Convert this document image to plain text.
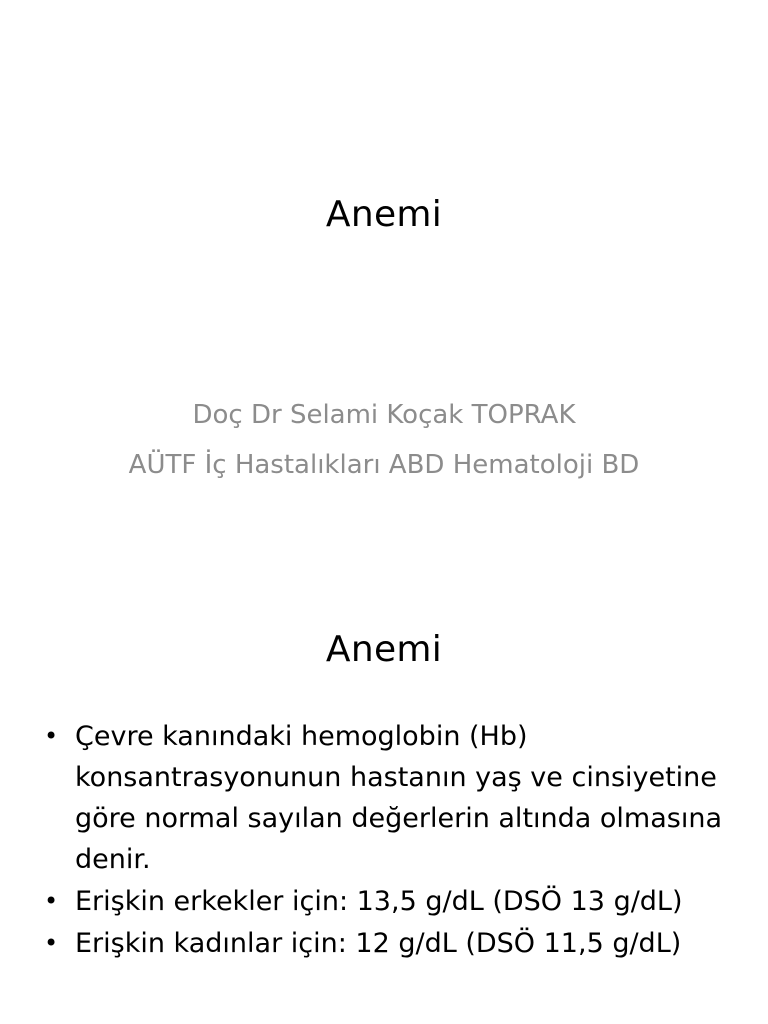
Anemi
Doç Dr Selami Koçak TOPRAK
AÜTF İç Hastalıkları ABD Hematoloji BD
Anemi
• Çevre kanındaki hemoglobin (Hb) konsantrasyonunun hastanın yaş ve cinsiyetine göre normal sayılan değerlerin altında olmasına denir.
• Erişkin erkekler için: 13,5 g/dL (DSÖ 13 g/dL)
• Erişkin kadınlar için: 12 g/dL (DSÖ 11,5 g/dL)
